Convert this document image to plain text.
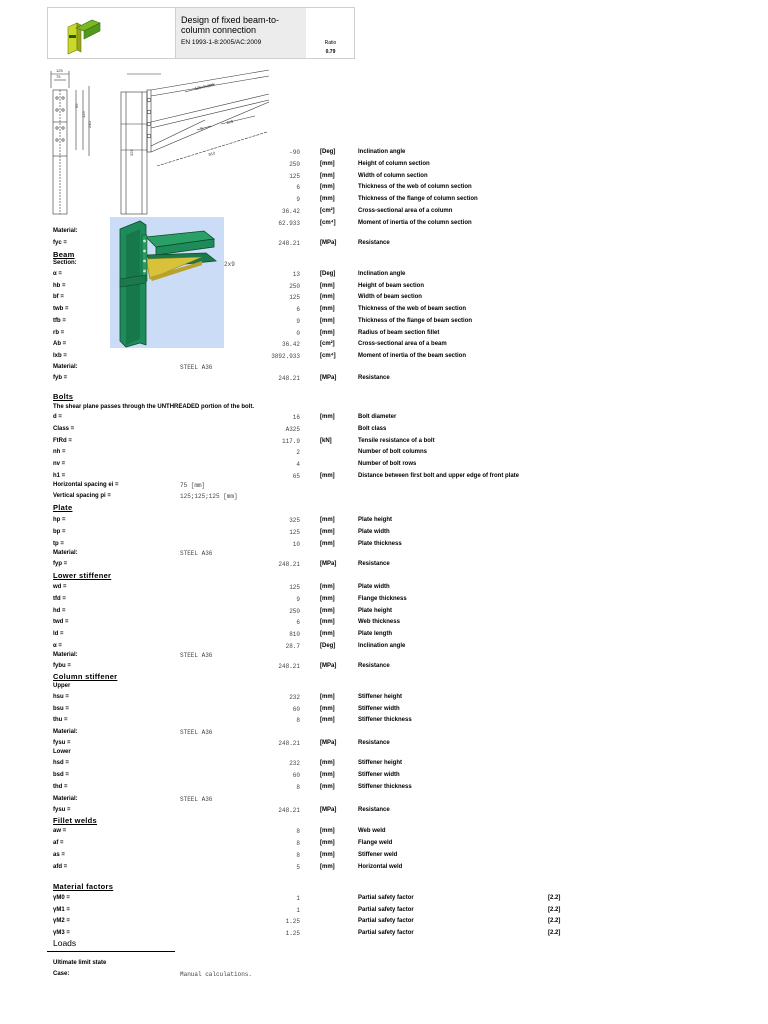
Design of fixed beam-to-column connection
EN 1993-1-8:2005/AC:2009	Ratio
0.79
125
75
65
125
240
325
126x9x800
2x9
0
810	-90	[Deg]	Inclination angle
250	[mm]	Height of column section
125	[mm]	Width of column section
6	[mm]	Thickness of the web of column section
9	[mm]	Thickness of the flange of column section
36.42	[cm²]	Cross-sectional area of a column
62.933	[cm⁴]	Moment of inertia of the column section
Material:
fyc =	248.21	[MPa]	Resistance
Beam
Section:	2x9
α =	13	[Deg]	Inclination angle
hb =	250	[mm]	Height of beam section
bf =	125	[mm]	Width of beam section
twb =	6	[mm]	Thickness of the web of beam section
tfb =	9	[mm]	Thickness of the flange of beam section
rb =	0	[mm]	Radius of beam section fillet
Ab =	36.42	[cm²]	Cross-sectional area of a beam
Ixb =	3892.933	[cm⁴]	Moment of inertia of the beam section
Material:	STEEL A36
fyb =	248.21	[MPa]	Resistance
Bolts
The shear plane passes through the UNTHREADED portion of the bolt.
d =	16	[mm]	Bolt diameter
Class =	A325	Bolt class
FtRd =	117.9	[kN]	Tensile resistance of a bolt
nh =	2	Number of bolt columns
nv =	4	Number of bolt rows
h1 =	65	[mm]	Distance between first bolt and upper edge of front plate
Horizontal spacing ei =	75 [mm]
Vertical spacing pi =	125;125;125 [mm]
Plate
hp =	325	[mm]	Plate height
bp =	125	[mm]	Plate width
tp =	10	[mm]	Plate thickness
Material:	STEEL A36
fyp =	248.21	[MPa]	Resistance
Lower stiffener
wd =	125	[mm]	Plate width
tfd =	9	[mm]	Flange thickness
hd =	250	[mm]	Plate height
twd =	6	[mm]	Web thickness
ld =	810	[mm]	Plate length
α =	28.7	[Deg]	Inclination angle
Material:	STEEL A36
fybu =	248.21	[MPa]	Resistance
Column stiffener
Upper
hsu =	232	[mm]	Stiffener height
bsu =	60	[mm]	Stiffener width
thu =	8	[mm]	Stiffener thickness
Material:	STEEL A36
fysu =	248.21	[MPa]	Resistance
Lower
hsd =	232	[mm]	Stiffener height
bsd =	60	[mm]	Stiffener width
thd =	8	[mm]	Stiffener thickness
Material:	STEEL A36
fysu =	248.21	[MPa]	Resistance
Fillet welds
aw =	8	[mm]	Web weld
af =	8	[mm]	Flange weld
as =	8	[mm]	Stiffener weld
afd =	5	[mm]	Horizontal weld
Material factors
γM0 =	1	Partial safety factor	[2.2]
γM1 =	1	Partial safety factor	[2.2]
γM2 =	1.25	Partial safety factor	[2.2]
γM3 =	1.25	Partial safety factor	[2.2]
Loads
Ultimate limit state
Case:	Manual calculations.
